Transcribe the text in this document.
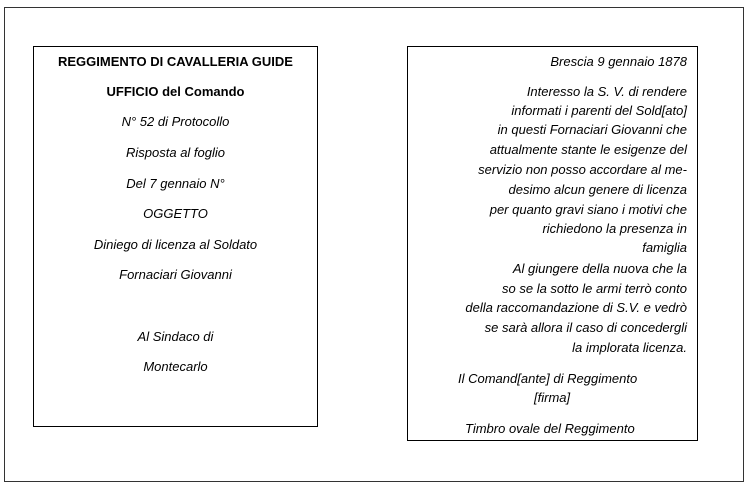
REGGIMENTO DI CAVALLERIA GUIDE
UFFICIO del Comando
N° 52 di Protocollo
Risposta al foglio
Del 7 gennaio N°
OGGETTO
Diniego di licenza al Soldato
Fornaciari Giovanni
Al Sindaco di
Montecarlo
Brescia 9 gennaio 1878
Interesso la S. V. di rendere
informati i parenti del Sold[ato]
in questi Fornaciari Giovanni che
attualmente stante le esigenze del
servizio non posso accordare al me-
desimo alcun genere di licenza
per quanto gravi siano i motivi che
richiedono la presenza in
famiglia
Al giungere della nuova che la
so se la sotto le armi terrò conto
della raccomandazione di S.V. e vedrò
se sarà allora il caso di concedergli
la implorata licenza.
Il Comand[ante] di Reggimento
[firma]
Timbro ovale del Reggimento
